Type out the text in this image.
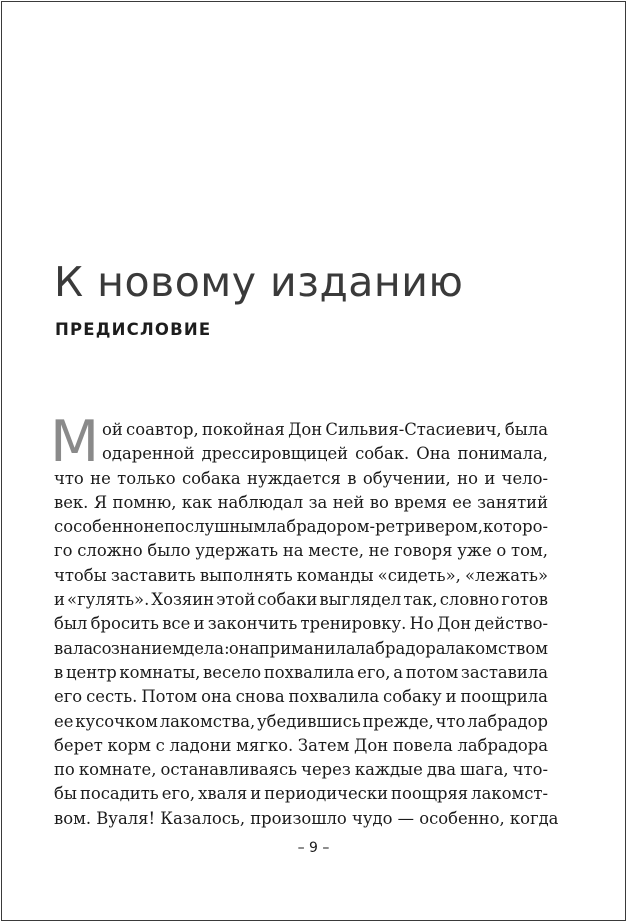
К новому изданию
ПРЕДИСЛОВИЕ
М ой соавтор, покойная Дон Сильвия-Стасиевич, была
одаренной дрессировщицей собак. Она понимала,
что не только собака нуждается в обучении, но и чело-
век. Я помню, как наблюдал за ней во время ее занятий
с особенно непослушным лабрадором-ретривером, которо-
го сложно было удержать на месте, не говоря уже о том,
чтобы заставить выполнять команды «сидеть», «лежать»
и «гулять». Хозяин этой собаки выглядел так, словно готов
был бросить все и закончить тренировку. Но Дон действо-
вала со знанием дела: она приманила лабрадора лакомством
в центр комнаты, весело похвалила его, а потом заставила
его сесть. Потом она снова похвалила собаку и поощрила
ее кусочком лакомства, убедившись прежде, что лабрадор
берет корм с ладони мягко. Затем Дон повела лабрадора
по комнате, останавливаясь через каждые два шага, что-
бы посадить его, хваля и периодически поощряя лакомст-
вом. Вуаля! Казалось, произошло чудо — особенно, когда

– 9 –
